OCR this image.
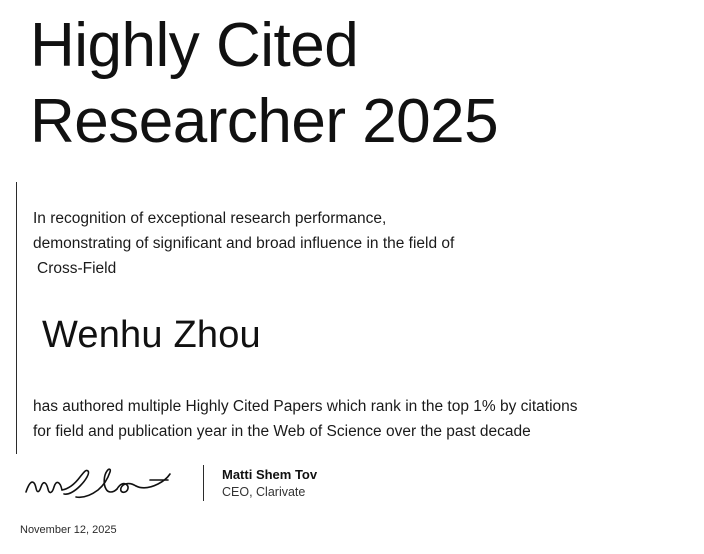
Highly Cited
Researcher 2025
In recognition of exceptional research performance,
demonstrating of significant and broad influence in the field of
Cross-Field
Wenhu Zhou
has authored multiple Highly Cited Papers which rank in the top 1% by citations
for field and publication year in the Web of Science over the past decade
Matti Shem Tov
CEO, Clarivate
November 12, 2025
